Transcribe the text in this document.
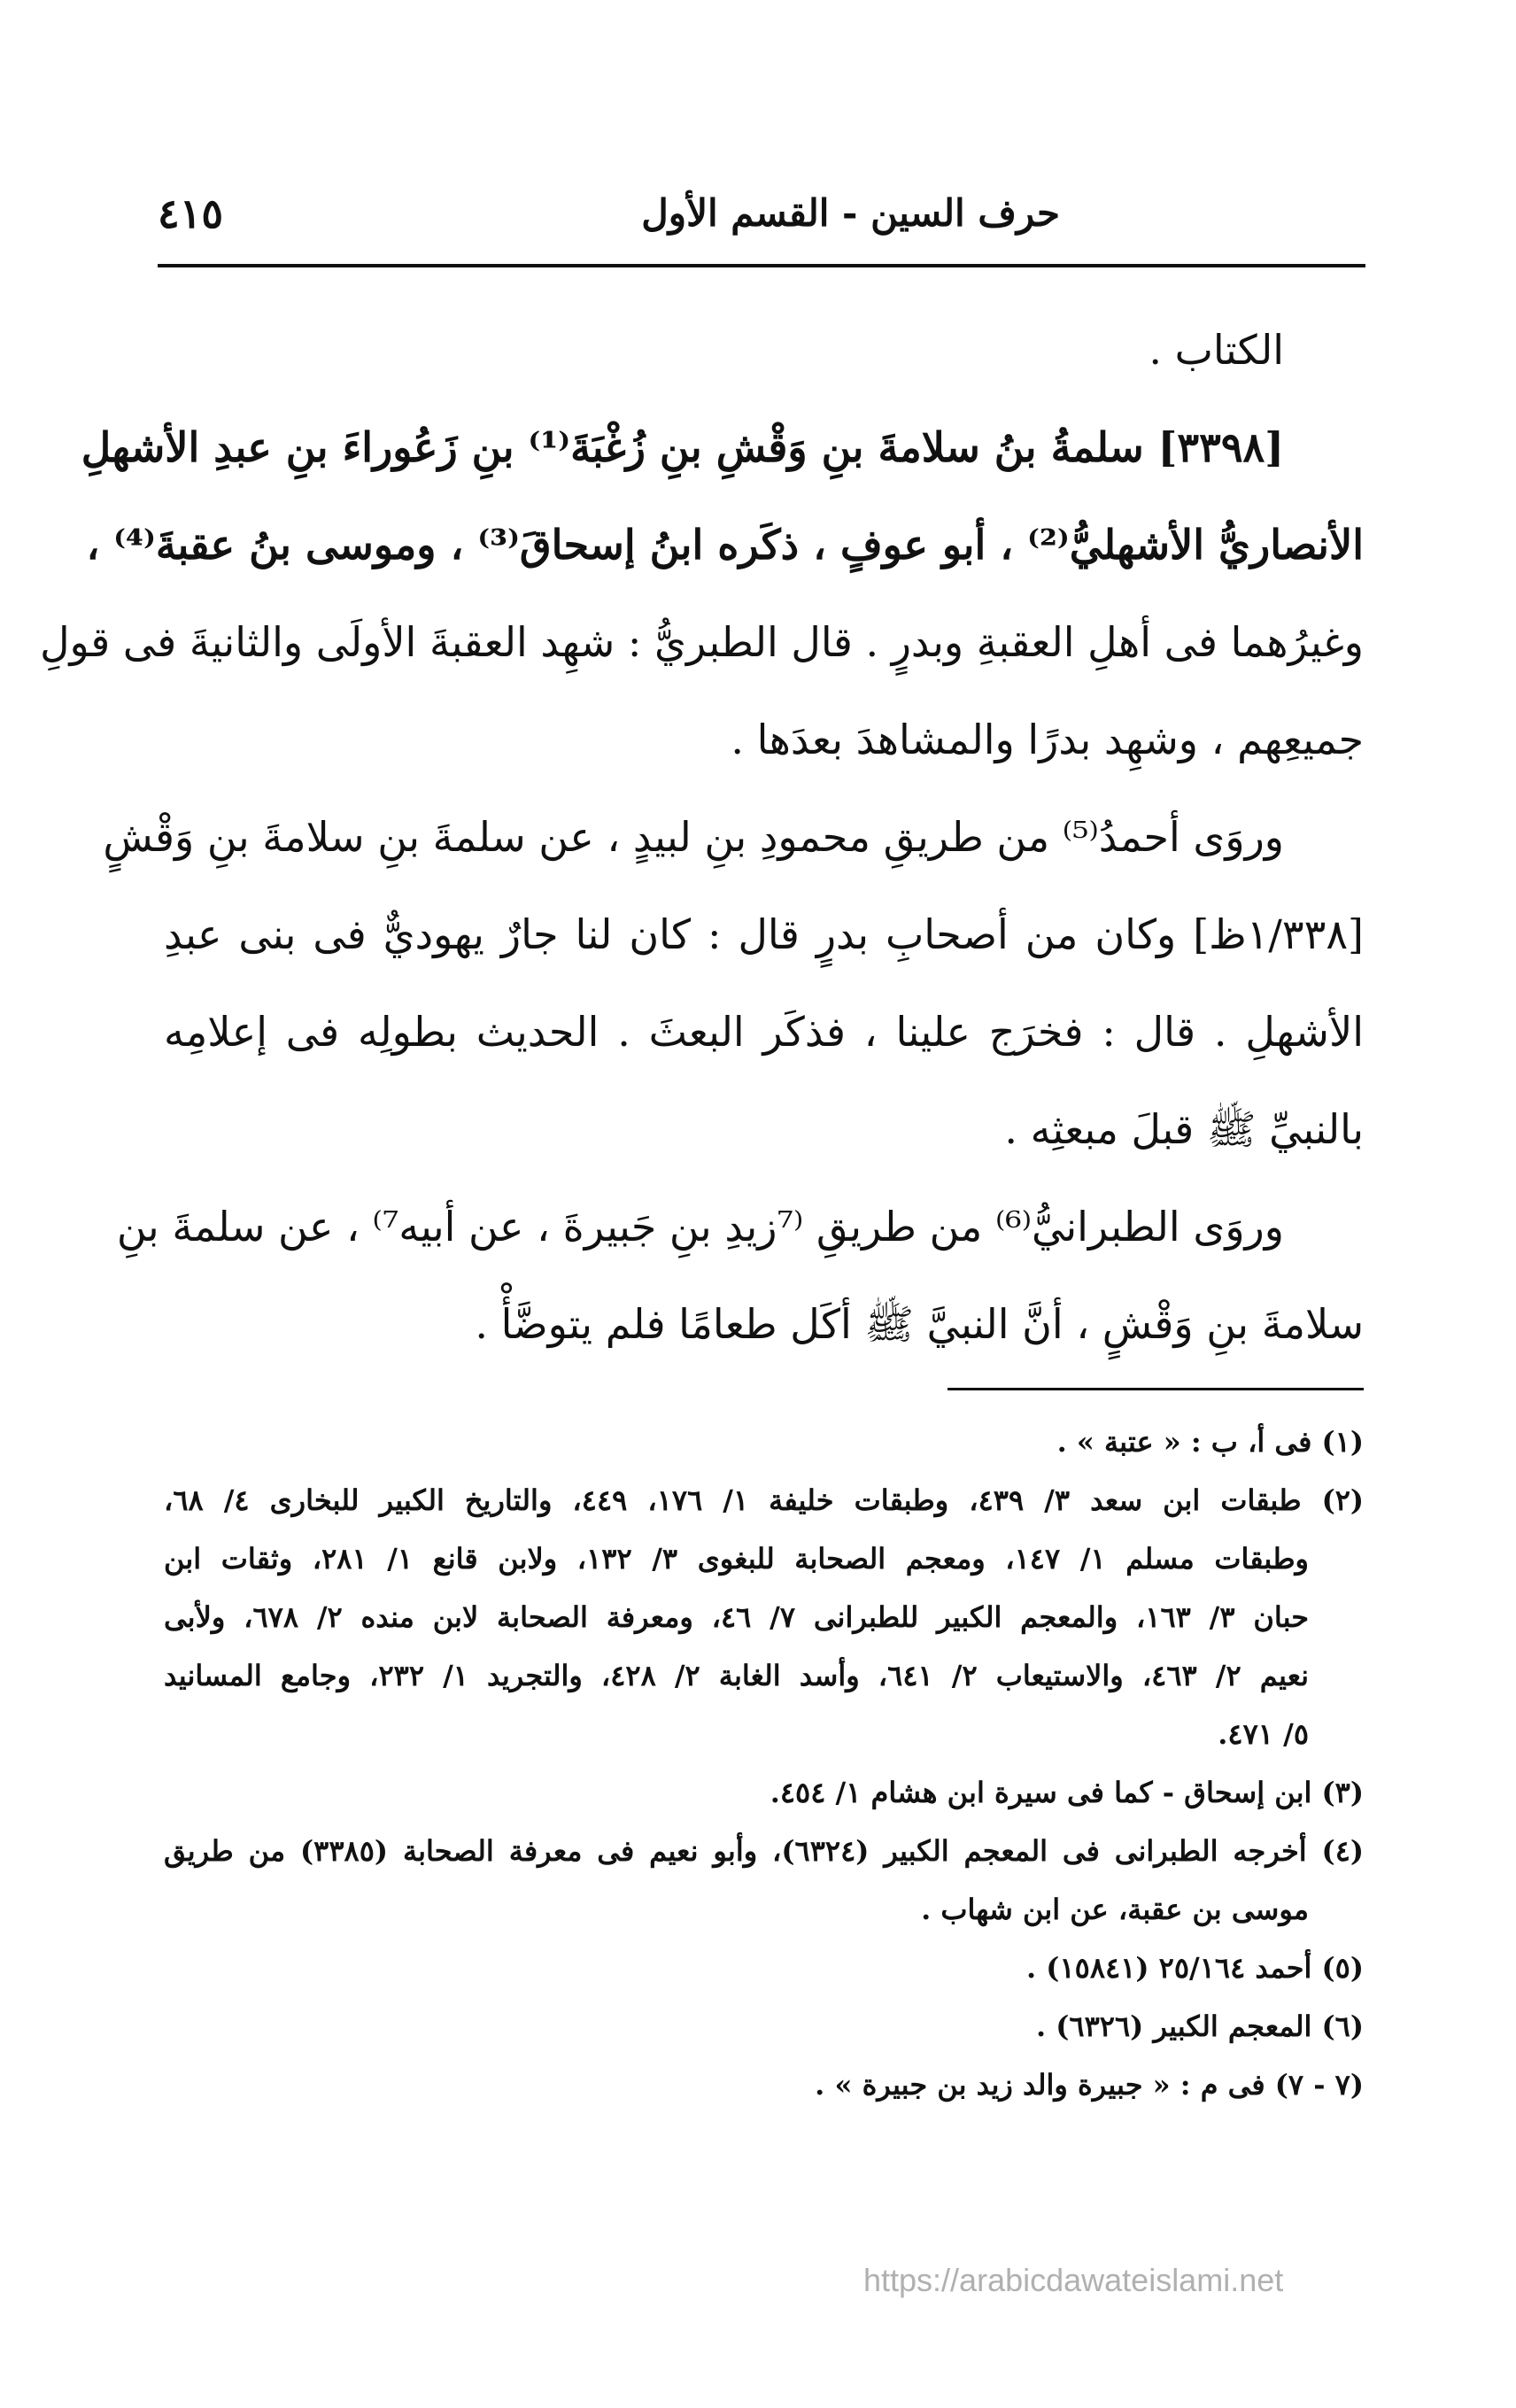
حرف السين - القسم الأول
٤١٥
الكتاب .
[٣٣٩٨] سلمةُ بنُ سلامةَ بنِ وَقْشِ بنِ زُغْبَةَ⁽¹⁾ بنِ زَعُوراءَ بنِ عبدِ الأشهلِ
الأنصاريُّ الأشهليُّ⁽²⁾ ، أبو عوفٍ ، ذكَره ابنُ إسحاقَ⁽³⁾ ، وموسى بنُ عقبةَ⁽⁴⁾ ،
وغيرُهما فى أهلِ العقبةِ وبدرٍ . قال الطبريُّ : شهِد العقبةَ الأولَى والثانيةَ فى قولِ
جميعِهم ، وشهِد بدرًا والمشاهدَ بعدَها .
وروَى أحمدُ⁽⁵⁾ من طريقِ محمودِ بنِ لبيدٍ ، عن سلمةَ بنِ سلامةَ بنِ وَقْشٍ
[١/٣٣٨ظ] وكان من أصحابِ بدرٍ قال : كان لنا جارٌ يهوديٌّ فى بنى عبدِ
الأشهلِ . قال : فخرَج علينا ، فذكَر البعثَ . الحديث بطولِه فى إعلامِه
بالنبيِّ ﷺ قبلَ مبعثِه .
وروَى الطبرانيُّ⁽⁶⁾ من طريقِ ⁽⁷زيدِ بنِ جَبيرةَ ، عن أبيه⁷⁾ ، عن سلمةَ بنِ
سلامةَ بنِ وَقْشٍ ، أنَّ النبيَّ ﷺ أكَل طعامًا فلم يتوضَّأْ .
(١) فى أ، ب : « عتبة » .
(٢) طبقات ابن سعد ٣/ ٤٣٩، وطبقات خليفة ١/ ١٧٦، ٤٤٩، والتاريخ الكبير للبخارى ٤/ ٦٨،
وطبقات مسلم ١/ ١٤٧، ومعجم الصحابة للبغوى ٣/ ١٣٢، ولابن قانع ١/ ٢٨١، وثقات ابن
حبان ٣/ ١٦٣، والمعجم الكبير للطبرانى ٧/ ٤٦، ومعرفة الصحابة لابن منده ٢/ ٦٧٨، ولأبى
نعيم ٢/ ٤٦٣، والاستيعاب ٢/ ٦٤١، وأسد الغابة ٢/ ٤٢٨، والتجريد ١/ ٢٣٢، وجامع المسانيد
٥/ ٤٧١.
(٣) ابن إسحاق - كما فى سيرة ابن هشام ١/ ٤٥٤.
(٤) أخرجه الطبرانى فى المعجم الكبير (٦٣٢٤)، وأبو نعيم فى معرفة الصحابة (٣٣٨٥) من طريق
موسى بن عقبة، عن ابن شهاب .
(٥) أحمد ٢٥/١٦٤ (١٥٨٤١) .
(٦) المعجم الكبير (٦٣٢٦) .
(٧ - ٧) فى م : « جبيرة والد زيد بن جبيرة » .
https://arabicdawateislami.net
